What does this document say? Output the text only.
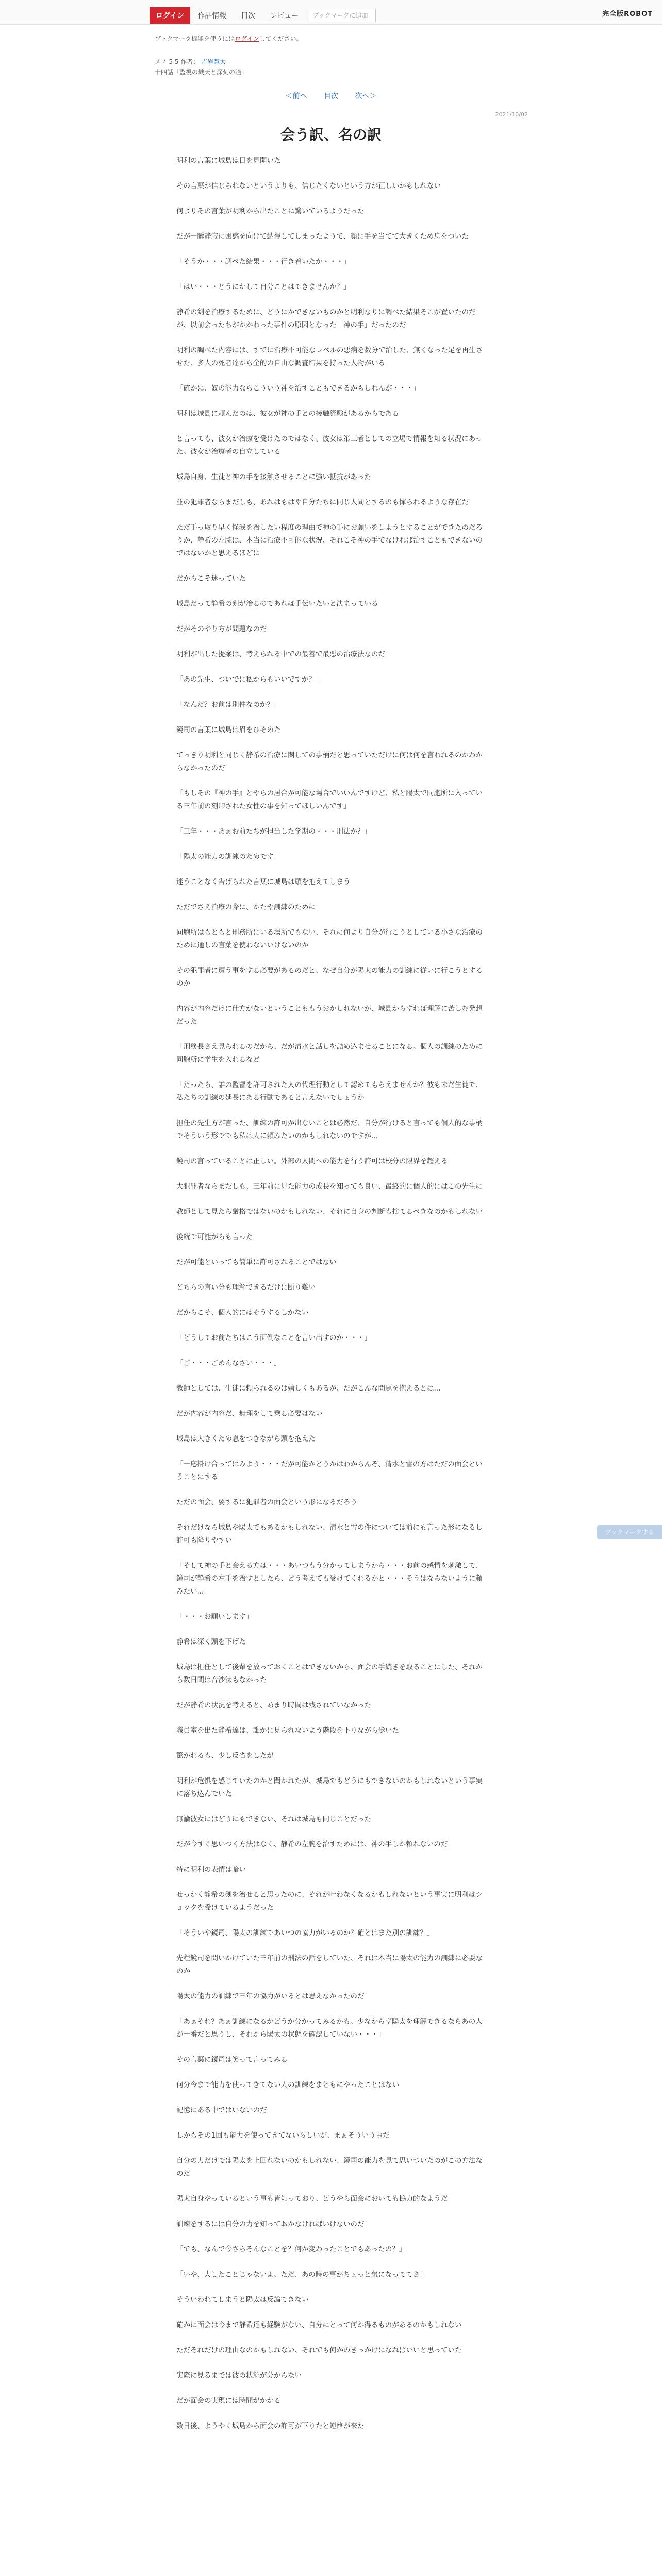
ログイン	作品情報	目次	レビュー	ブックマークに追加	完全版ROBOT
ブックマーク機能を使うにはログインしてください。
メノ 5 5 作者： 吉岩慧太
十四話「監視の熾天と深刻の瞳」
＜前へ 目次 次へ＞
2021/10/02
会う訳、名の訳

明利の言葉に城島は目を見開いた

その言葉が信じられないというよりも、信じたくないという方が正しいかもしれない

何よりその言葉が明利から出たことに驚いているようだった

だが一瞬静寂に困惑を向けて納得してしまったようで、顔に手を当てて大きくため息をついた

「そうか・・・調べた結果・・・行き着いたか・・・」

「はい・・・どうにかして自分ことはできませんか？」

静希の剣を治療するために、どうにかできないものかと明利なりに調べた結果そこが置いたのだが、以前会ったちがかかわった事件の原因となった「神の手」だったのだ

明利の調べた内容には、すでに治療不可能なレベルの悪病を数分で治した、無くなった足を再生させた、多人の死者達から全的の自由な調査結果を持った人物がいる

「確かに、奴の能力ならこういう神を治すこともできるかもしれんが・・・」

明利は城島に頼んだのは、彼女が神の手との接触経験があるからである

と言っても、彼女が治療を受けたのではなく、彼女は第三者としての立場で情報を知る状況にあった。彼女が治療者の自立している

城島自身、生徒と神の手を接触させることに強い抵抗があった

並の犯罪者ならまだしも、あれはもはや自分たちに同じ人間とするのも憚られるような存在だ

ただ手っ取り早く怪我を治したい程度の理由で神の手にお願いをしようとすることができたのだろうか、静希の左腕は、本当に治療不可能な状況、それこそ神の手でなければ治すこともできないのではないかと思えるほどに

だからこそ迷っていた

城島だって静希の剣が治るのであれば手伝いたいと決まっている

だがそのやり方が問題なのだ

明利が出した提案は、考えられる中での最善で最悪の治療法なのだ

「あの先生、ついでに私からもいいですか？」

「なんだ？お前は別件なのか？」

鏡司の言葉に城島は眉をひそめた

てっきり明利と同じく静希の治療に関しての事柄だと思っていただけに何は何を言われるのかわからなかったのだ

「もしその『神の手』とやらの居合が可能な場合でいいんですけど、私と陽太で同胞所に入っている三年前の刻印された女性の事を知ってほしいんです」

「三年・・・あぁお前たちが担当した学期の・・・刑法か？」

「陽太の能力の訓練のためです」

迷うことなく告げられた言葉に城島は頭を抱えてしまう

ただでさえ治療の際に、かたや訓練のために

同胞所はもともと刑務所にいる場所でもない、それに何より自分が行こうとしている小さな治療のために通しの言葉を使わないいけないのか

その犯罪者に遭う事をする必要があるのだと、なぜ自分が陽太の能力の訓練に従いに行こうとするのか

内容が内容だけに仕方がないということももうおかしれないが、城島からすれば理解に苦しむ発想だった

「刑務長さえ見られるのだから、だが清水と話しを詰め込ませることになる。個人の訓練のために同胞所に学生を入れるなど

「だったら、誰の監督を許可された人の代理行動として認めてもらえませんか？彼も未だ生徒で、私たちの訓練の延長にある行動であると言えないでしょうか

担任の先生方が言った、訓練の許可が出ないことは必然だ、自分が行けると言っても個人的な事柄でそういう形ででも私は人に頼みたいのかもしれないのですが...

鏡司の言っていることは正しい。外部の人間への能力を行う許可は校分の限界を超える

大犯罪者ならまだしも、三年前に見た能力の成長を知っても良い、最終的に個人的にはこの先生に

教師として見たら厳格ではないのかもしれない、それに自身の判断も捨てるべきなのかもしれない

後続で可能がらも言った

だが可能といっても簡単に許可されることではない

どちらの言い分も理解できるだけに断り難い

だからこそ、個人的にはそうするしかない

「どうしてお前たちはこう面倒なことを言い出すのか・・・」

「ご・・・ごめんなさい・・・」

教師としては、生徒に頼られるのは嬉しくもあるが、だがこんな問題を抱えるとは...

だが内容が内容だ、無理をして乗る必要はない

城島は大きくため息をつきながら頭を抱えた

「一応掛け合ってはみよう・・・だが可能かどうかはわからんぞ、清水と雪の方はただの面会ということにする

ただの面会、要するに犯罪者の面会という形になるだろう

それだけなら城島や陽太でもあるかもしれない、清水と雪の件については前にも言った形になるし許可も降りやすい

「そして神の手と会える方は・・・あいつもう分かってしまうから・・・お前の感情を刺激して、鏡司が静希の左手を治すとしたら、どう考えても受けてくれるかと・・・そうはならないように頼みたい...」

「・・・お願いします」

静希は深く頭を下げた

城島は担任として後輩を放っておくことはできないから、面会の手続きを取ることにした、それから数日間は音沙汰もなかった

だが静希の状況を考えると、あまり時間は残されていなかった

職員室を出た静希達は、誰かに見られないよう階段を下りながら歩いた

驚かれるも、少し反省をしたが

明利が危惧を感じていたのかと聞かれたが、城島でもどうにもできないのかもしれないという事実に落ち込んでいた

無論彼女にはどうにもできない、それは城島も同じことだった

だが今すぐ思いつく方法はなく、静希の左腕を治すためには、神の手しか頼れないのだ

特に明利の表情は暗い

せっかく静希の剣を治せると思ったのに、それが叶わなくなるかもしれないという事実に明利はショックを受けているようだった

「そういや鏡司、陽太の訓練であいつの協力がいるのか？確とはまた別の訓練？」

先程鏡司を問いかけていた三年前の刑法の話をしていた、それは本当に陽太の能力の訓練に必要なのか

陽太の能力の訓練で三年の協力がいるとは思えなかったのだ

「あぁそれ？あぁ訓練になるかどうか分かってみるかも。少なからず陽太を理解できるならあの人が一番だと思うし、それから陽太の状態を確認していない・・・」

その言葉に鏡司は笑って言ってみる

何分今まで能力を使ってきてない人の訓練をまともにやったことはない

記憶にある中ではいないのだ

しかもその1回も能力を使ってきてないらしいが、まぁそういう事だ

自分の力だけでは陽太を上回れないのかもしれない、鏡司の能力を見て思いついたのがこの方法なのだ

陽太自身やっているという事も皆知っており、どうやら面会においても協力的なようだ

訓練をするには自分の力を知っておかなければいけないのだ

「でも、なんで今さらそんなことを？何か変わったことでもあったの？」

「いや、大したことじゃないよ。ただ、あの時の事がちょっと気になっててさ」

そういわれてしまうと陽太は反論できない

確かに面会は今まで静希達も経験がない、自分にとって何か得るものがあるのかもしれない

ただそれだけの理由なのかもしれない、それでも何かのきっかけになればいいと思っていた

実際に見るまでは彼の状態が分からない

だが面会の実現には時間がかかる

数日後、ようやく城島から面会の許可が下りたと連絡が来た

ブックマークする
